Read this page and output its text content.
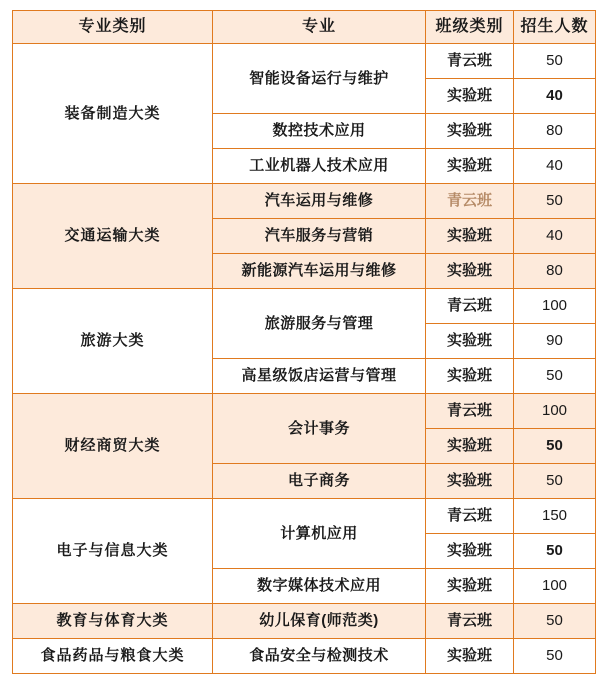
专业类别	专业	班级类别	招生人数
装备制造大类	智能设备运行与维护	青云班	50
		实验班	40
	数控技术应用	实验班	80
	工业机器人技术应用	实验班	40
交通运输大类	汽车运用与维修	青云班	50
	汽车服务与营销	实验班	40
	新能源汽车运用与维修	实验班	80
旅游大类	旅游服务与管理	青云班	100
		实验班	90
	高星级饭店运营与管理	实验班	50
财经商贸大类	会计事务	青云班	100
		实验班	50
	电子商务	实验班	50
电子与信息大类	计算机应用	青云班	150
		实验班	50
	数字媒体技术应用	实验班	100
教育与体育大类	幼儿保育(师范类)	青云班	50
食品药品与粮食大类	食品安全与检测技术	实验班	50
